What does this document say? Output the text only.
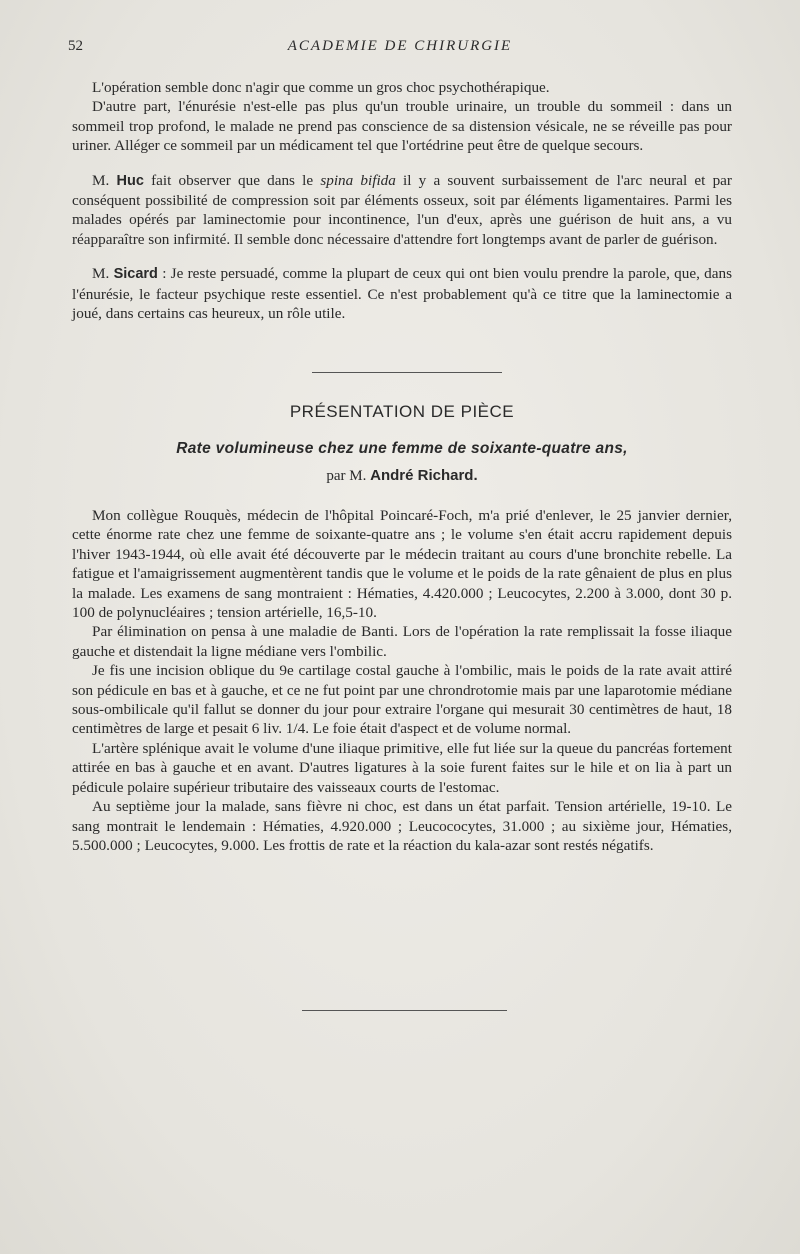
52	ACADEMIE DE CHIRURGIE

L'opération semble donc n'agir que comme un gros choc psychothérapique.

D'autre part, l'énurésie n'est-elle pas plus qu'un trouble urinaire, un trouble du sommeil : dans un sommeil trop profond, le malade ne prend pas conscience de sa distension vésicale, ne se réveille pas pour uriner. Alléger ce sommeil par un médicament tel que l'ortédrine peut être de quelque secours.

M. Huc fait observer que dans le spina bifida il y a souvent surbaissement de l'arc neural et par conséquent possibilité de compression soit par éléments osseux, soit par éléments ligamentaires. Parmi les malades opérés par laminectomie pour incontinence, l'un d'eux, après une guérison de huit ans, a vu réapparaître son infirmité. Il semble donc nécessaire d'attendre fort longtemps avant de parler de guérison.

M. Sicard : Je reste persuadé, comme la plupart de ceux qui ont bien voulu prendre la parole, que, dans l'énurésie, le facteur psychique reste essentiel. Ce n'est probablement qu'à ce titre que la laminectomie a joué, dans certains cas heureux, un rôle utile.

PRÉSENTATION DE PIÈCE
Rate volumineuse chez une femme de soixante-quatre ans,
par M. André Richard.

Mon collègue Rouquès, médecin de l'hôpital Poincaré-Foch, m'a prié d'enlever, le 25 janvier dernier, cette énorme rate chez une femme de soixante-quatre ans ; le volume s'en était accru rapidement depuis l'hiver 1943-1944, où elle avait été découverte par le médecin traitant au cours d'une bronchite rebelle. La fatigue et l'amaigrissement augmentèrent tandis que le volume et le poids de la rate gênaient de plus en plus la malade. Les examens de sang montraient : Hématies, 4.420.000 ; Leucocytes, 2.200 à 3.000, dont 30 p. 100 de polynucléaires ; tension artérielle, 16,5-10.

Par élimination on pensa à une maladie de Banti. Lors de l'opération la rate remplissait la fosse iliaque gauche et distendait la ligne médiane vers l'ombilic.

Je fis une incision oblique du 9e cartilage costal gauche à l'ombilic, mais le poids de la rate avait attiré son pédicule en bas et à gauche, et ce ne fut point par une chrondrotomie mais par une laparotomie médiane sous-ombilicale qu'il fallut se donner du jour pour extraire l'organe qui mesurait 30 centimètres de haut, 18 centimètres de large et pesait 6 liv. 1/4. Le foie était d'aspect et de volume normal.

L'artère splénique avait le volume d'une iliaque primitive, elle fut liée sur la queue du pancréas fortement attirée en bas à gauche et en avant. D'autres ligatures à la soie furent faites sur le hile et on lia à part un pédicule polaire supérieur tributaire des vaisseaux courts de l'estomac.

Au septième jour la malade, sans fièvre ni choc, est dans un état parfait. Tension artérielle, 19-10. Le sang montrait le lendemain : Hématies, 4.920.000 ; Leucococytes, 31.000 ; au sixième jour, Hématies, 5.500.000 ; Leucocytes, 9.000. Les frottis de rate et la réaction du kala-azar sont restés négatifs.
